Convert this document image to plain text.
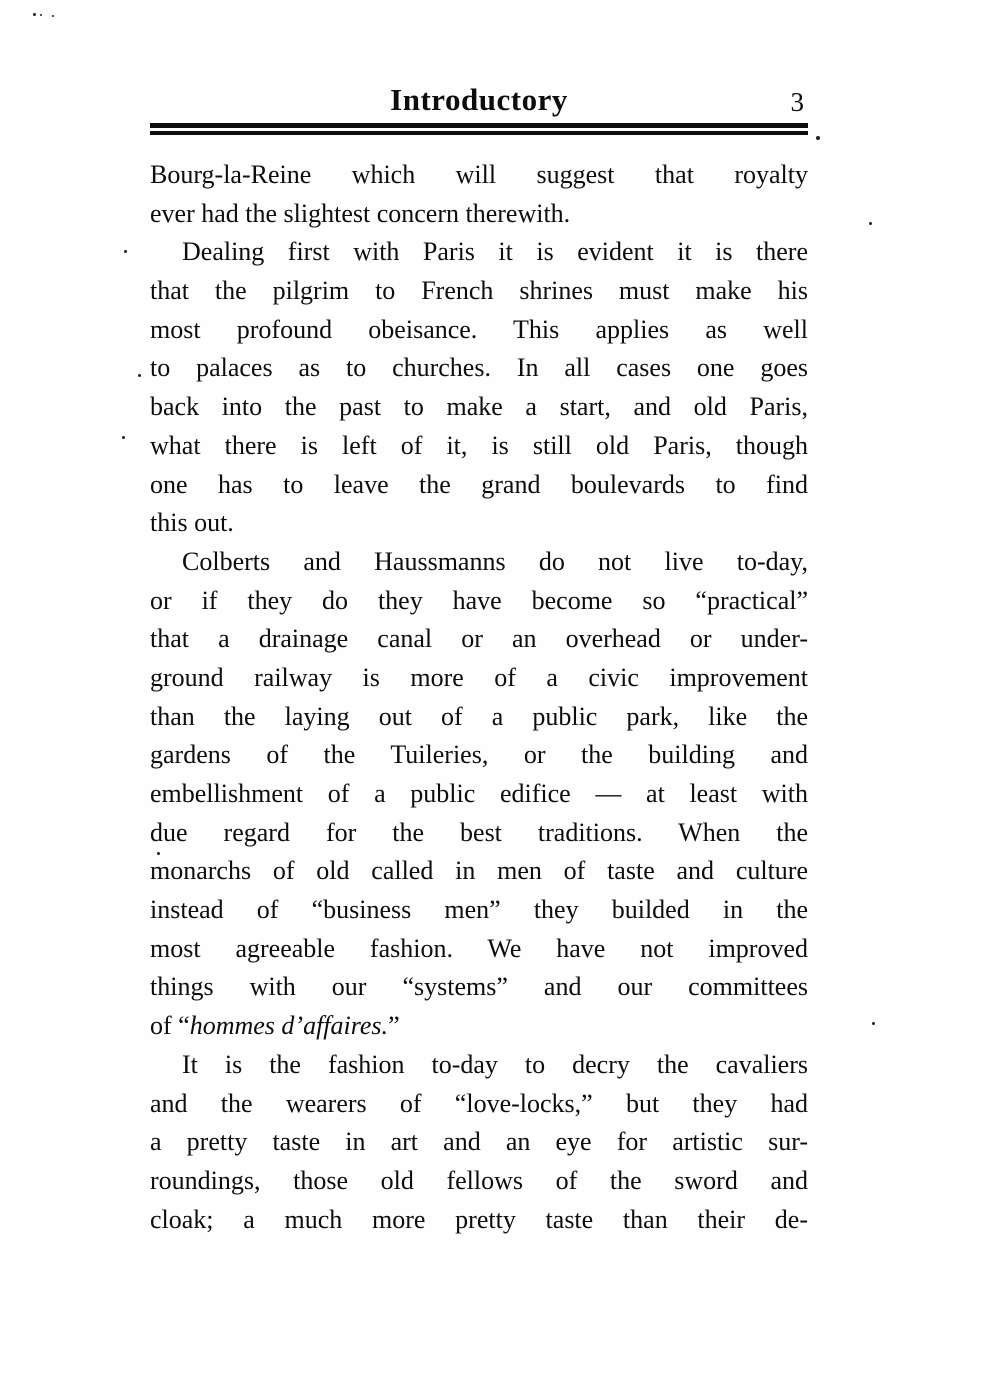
Introductory	3
Bourg-la-Reine which will suggest that royalty
ever had the slightest concern therewith.
Dealing first with Paris it is evident it is there
that the pilgrim to French shrines must make his
most profound obeisance. This applies as well
to palaces as to churches. In all cases one goes
back into the past to make a start, and old Paris,
what there is left of it, is still old Paris, though
one has to leave the grand boulevards to find
this out.
Colberts and Haussmanns do not live to-day,
or if they do they have become so “practical”
that a drainage canal or an overhead or under-
ground railway is more of a civic improvement
than the laying out of a public park, like the
gardens of the Tuileries, or the building and
embellishment of a public edifice — at least with
due regard for the best traditions. When the
monarchs of old called in men of taste and culture
instead of “business men” they builded in the
most agreeable fashion. We have not improved
things with our “systems” and our committees
of “hommes d’affaires.”
It is the fashion to-day to decry the cavaliers
and the wearers of “love-locks,” but they had
a pretty taste in art and an eye for artistic sur-
roundings, those old fellows of the sword and
cloak; a much more pretty taste than their de-
